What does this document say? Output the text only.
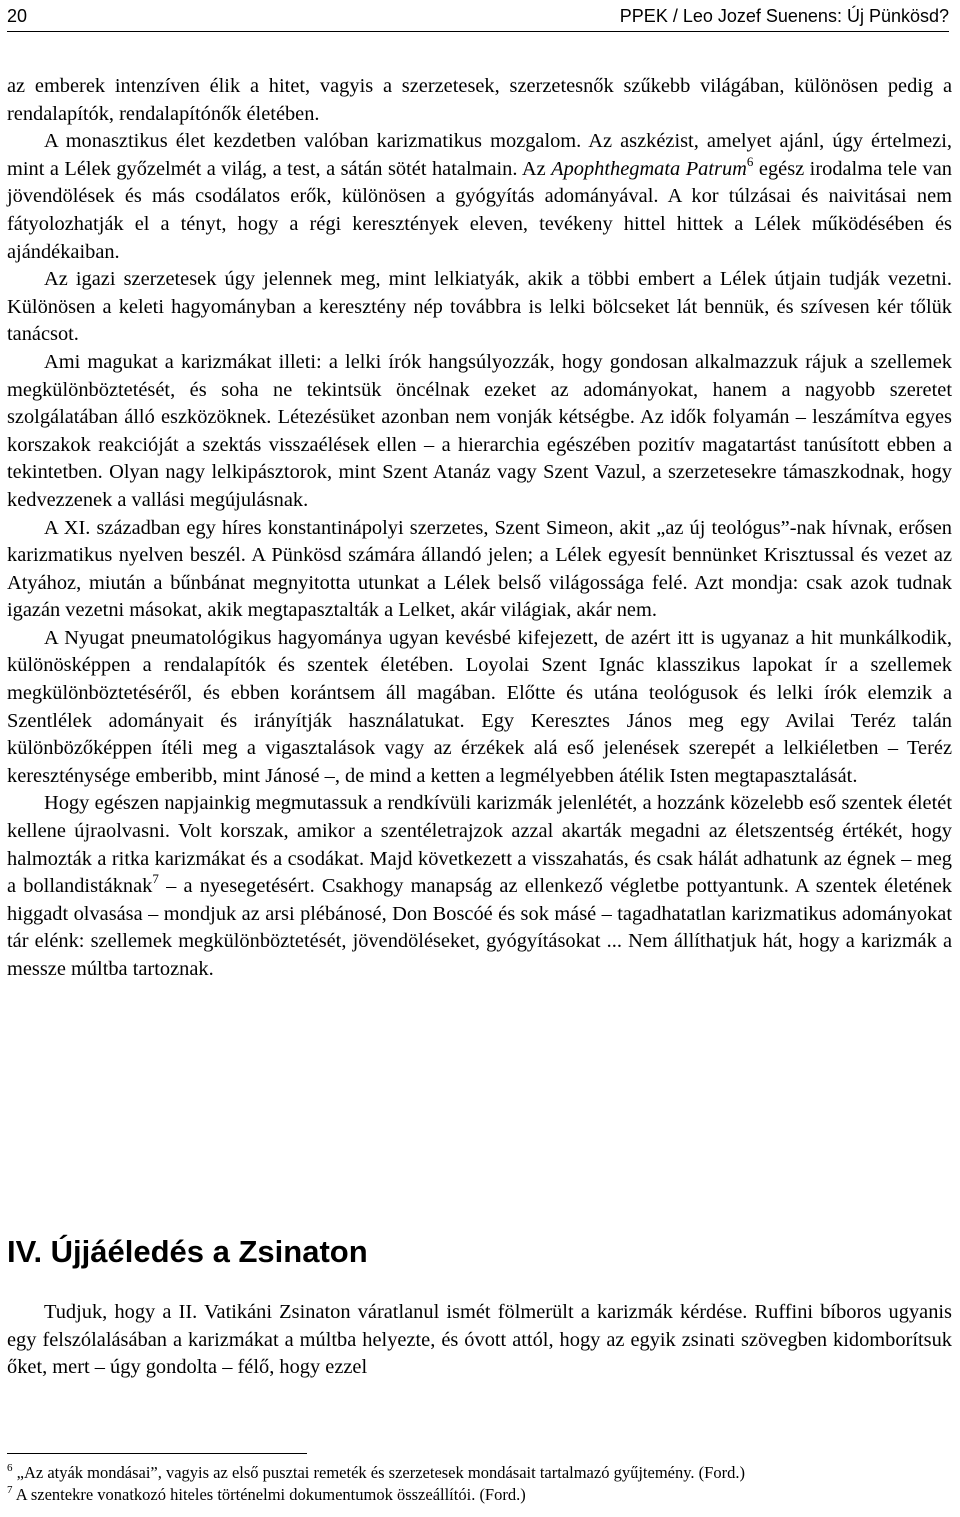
20	PPEK / Leo Jozef Suenens: Új Pünkösd?

az emberek intenzíven élik a hitet, vagyis a szerzetesek, szerzetesnők szűkebb világában, különösen pedig a rendalapítók, rendalapítónők életében.

A monasztikus élet kezdetben valóban karizmatikus mozgalom. Az aszkézist, amelyet ajánl, úgy értelmezi, mint a Lélek győzelmét a világ, a test, a sátán sötét hatalmain. Az Apophthegmata Patrum$^6$ egész irodalma tele van jövendölések és más csodálatos erők, különösen a gyógyítás adományával. A kor túlzásai és naivitásai nem fátyolozhatják el a tényt, hogy a régi keresztények eleven, tevékeny hittel hittek a Lélek működésében és ajándékaiban.

Az igazi szerzetesek úgy jelennek meg, mint lelkiatyák, akik a többi embert a Lélek útjain tudják vezetni. Különösen a keleti hagyományban a keresztény nép továbbra is lelki bölcseket lát bennük, és szívesen kér tőlük tanácsot.

Ami magukat a karizmákat illeti: a lelki írók hangsúlyozzák, hogy gondosan alkalmazzuk rájuk a szellemek megkülönböztetését, és soha ne tekintsük öncélnak ezeket az adományokat, hanem a nagyobb szeretet szolgálatában álló eszközöknek. Létezésüket azonban nem vonják kétségbe. Az idők folyamán – leszámítva egyes korszakok reakcióját a szektás visszaélések ellen – a hierarchia egészében pozitív magatartást tanúsított ebben a tekintetben. Olyan nagy lelkipásztorok, mint Szent Atanáz vagy Szent Vazul, a szerzetesekre támaszkodnak, hogy kedvezzenek a vallási megújulásnak.

A XI. században egy híres konstantinápolyi szerzetes, Szent Simeon, akit „az új teológus”-nak hívnak, erősen karizmatikus nyelven beszél. A Pünkösd számára állandó jelen; a Lélek egyesít bennünket Krisztussal és vezet az Atyához, miután a bűnbánat megnyitotta utunkat a Lélek belső világossága felé. Azt mondja: csak azok tudnak igazán vezetni másokat, akik megtapasztalták a Lelket, akár világiak, akár nem.

A Nyugat pneumatológikus hagyománya ugyan kevésbé kifejezett, de azért itt is ugyanaz a hit munkálkodik, különösképpen a rendalapítók és szentek életében. Loyolai Szent Ignác klasszikus lapokat ír a szellemek megkülönböztetéséről, és ebben korántsem áll magában. Előtte és utána teológusok és lelki írók elemzik a Szentlélek adományait és irányítják használatukat. Egy Keresztes János meg egy Avilai Teréz talán különbözőképpen ítéli meg a vigasztalások vagy az érzékek alá eső jelenések szerepét a lelkiéletben – Teréz kereszténysége emberibb, mint Jánosé –, de mind a ketten a legmélyebben átélik Isten megtapasztalását.

Hogy egészen napjainkig megmutassuk a rendkívüli karizmák jelenlétét, a hozzánk közelebb eső szentek életét kellene újraolvasni. Volt korszak, amikor a szentéletrajzok azzal akarták megadni az életszentség értékét, hogy halmozták a ritka karizmákat és a csodákat. Majd következett a visszahatás, és csak hálát adhatunk az égnek – meg a bollandistáknak$^7$ – a nyesegetésért. Csakhogy manapság az ellenkező végletbe pottyantunk. A szentek életének higgadt olvasása – mondjuk az arsi plébánosé, Don Boscóé és sok másé – tagadhatatlan karizmatikus adományokat tár elénk: szellemek megkülönböztetését, jövendöléseket, gyógyításokat ... Nem állíthatjuk hát, hogy a karizmák a messze múltba tartoznak.

IV. Újjáéledés a Zsinaton

Tudjuk, hogy a II. Vatikáni Zsinaton váratlanul ismét fölmerült a karizmák kérdése. Ruffini bíboros ugyanis egy felszólalásában a karizmákat a múltba helyezte, és óvott attól, hogy az egyik zsinati szövegben kidomborítsuk őket, mert – úgy gondolta – félő, hogy ezzel

$^6$ „Az atyák mondásai”, vagyis az első pusztai remeték és szerzetesek mondásait tartalmazó gyűjtemény. (Ford.)

$^7$ A szentekre vonatkozó hiteles történelmi dokumentumok összeállítói. (Ford.)
